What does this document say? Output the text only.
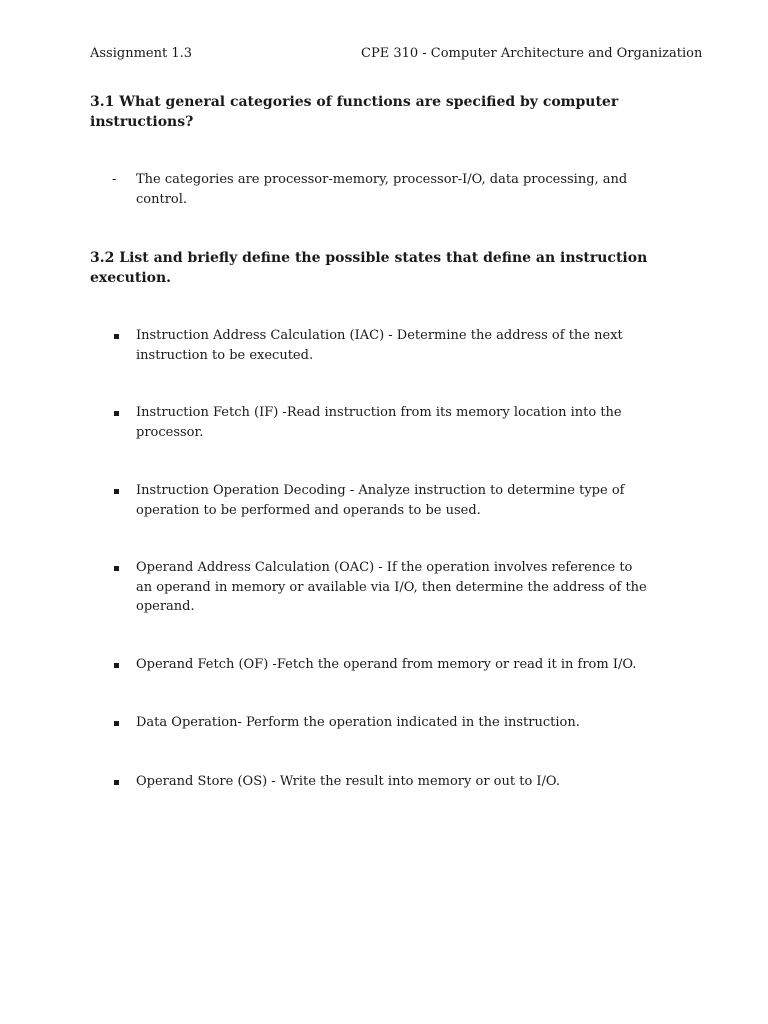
Assignment 1.3	CPE 310 - Computer Architecture and Organization
3.1 What general categories of functions are specified by computer instructions?
-	The categories are processor-memory, processor-I/O, data processing, and control.
3.2 List and briefly define the possible states that define an instruction execution.
Instruction Address Calculation (IAC) - Determine the address of the next instruction to be executed.
Instruction Fetch (IF) -Read instruction from its memory location into the processor.
Instruction Operation Decoding - Analyze instruction to determine type of operation to be performed and operands to be used.
Operand Address Calculation (OAC) - If the operation involves reference to an operand in memory or available via I/O, then determine the address of the operand.
Operand Fetch (OF) -Fetch the operand from memory or read it in from I/O.
Data Operation- Perform the operation indicated in the instruction.
Operand Store (OS) - Write the result into memory or out to I/O.
